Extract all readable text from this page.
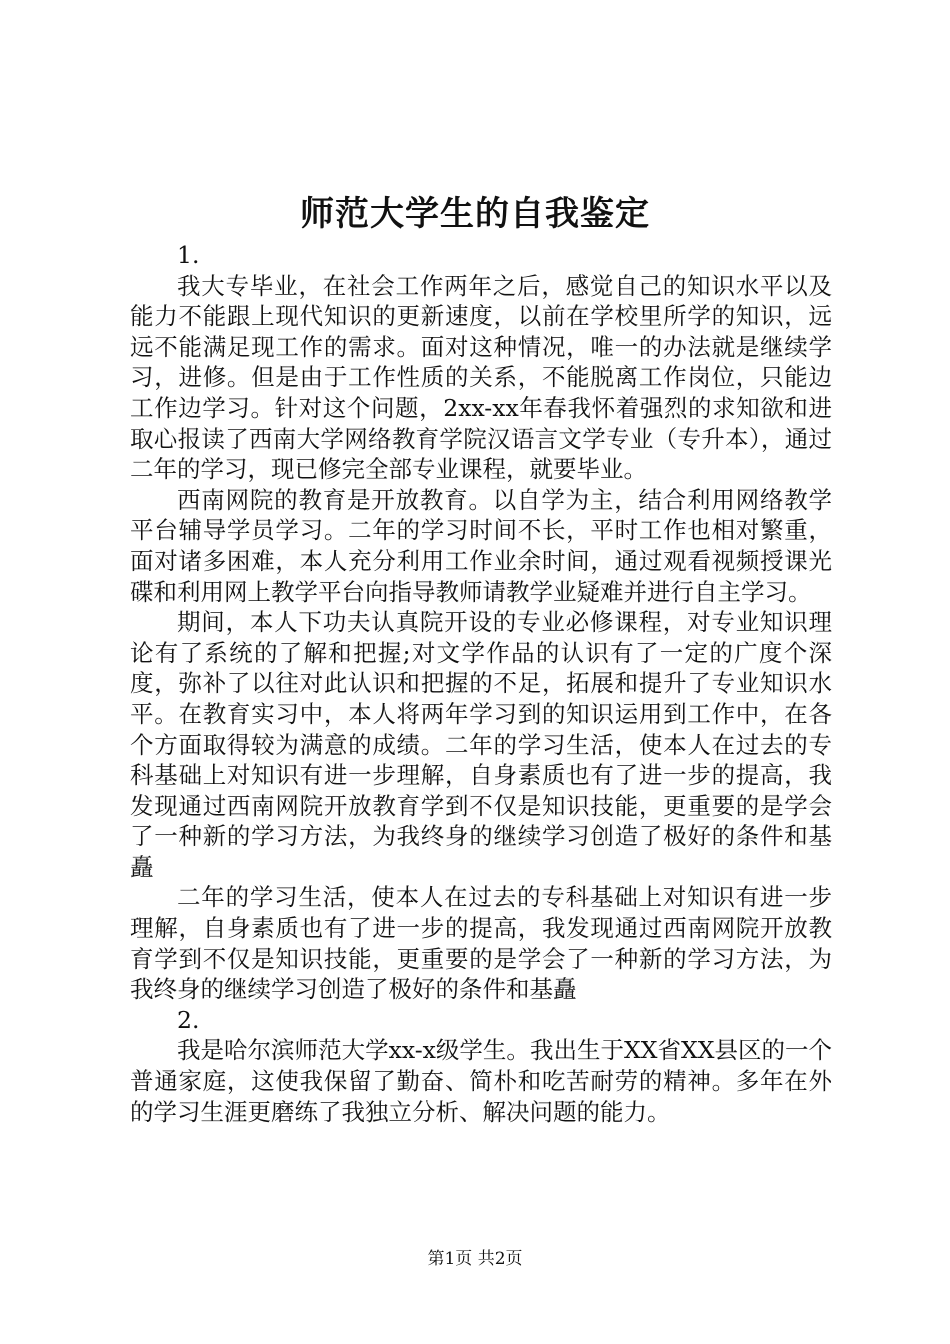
师范大学生的自我鉴定

1.

我大专毕业，在社会工作两年之后，感觉自己的知识水平以及能力不能跟上现代知识的更新速度，以前在学校里所学的知识，远远不能满足现工作的需求。面对这种情况，唯一的办法就是继续学习，进修。但是由于工作性质的关系，不能脱离工作岗位，只能边工作边学习。针对这个问题，2xx-xx年春我怀着强烈的求知欲和进取心报读了西南大学网络教育学院汉语言文学专业（专升本），通过二年的学习，现已修完全部专业课程，就要毕业。

西南网院的教育是开放教育。以自学为主，结合利用网络教学平台辅导学员学习。二年的学习时间不长，平时工作也相对繁重，面对诸多困难，本人充分利用工作业余时间，通过观看视频授课光碟和利用网上教学平台向指导教师请教学业疑难并进行自主学习。

期间，本人下功夫认真院开设的专业必修课程，对专业知识理论有了系统的了解和把握;对文学作品的认识有了一定的广度个深度，弥补了以往对此认识和把握的不足，拓展和提升了专业知识水平。在教育实习中，本人将两年学习到的知识运用到工作中，在各个方面取得较为满意的成绩。二年的学习生活，使本人在过去的专科基础上对知识有进一步理解，自身素质也有了进一步的提高，我发现通过西南网院开放教育学到不仅是知识技能，更重要的是学会了一种新的学习方法，为我终身的继续学习创造了极好的条件和基矗

二年的学习生活，使本人在过去的专科基础上对知识有进一步理解，自身素质也有了进一步的提高，我发现通过西南网院开放教育学到不仅是知识技能，更重要的是学会了一种新的学习方法，为我终身的继续学习创造了极好的条件和基矗

2.

我是哈尔滨师范大学xx-x级学生。我出生于XX省XX县区的一个普通家庭，这使我保留了勤奋、简朴和吃苦耐劳的精神。多年在外的学习生涯更磨练了我独立分析、解决问题的能力。

第1页 共2页
